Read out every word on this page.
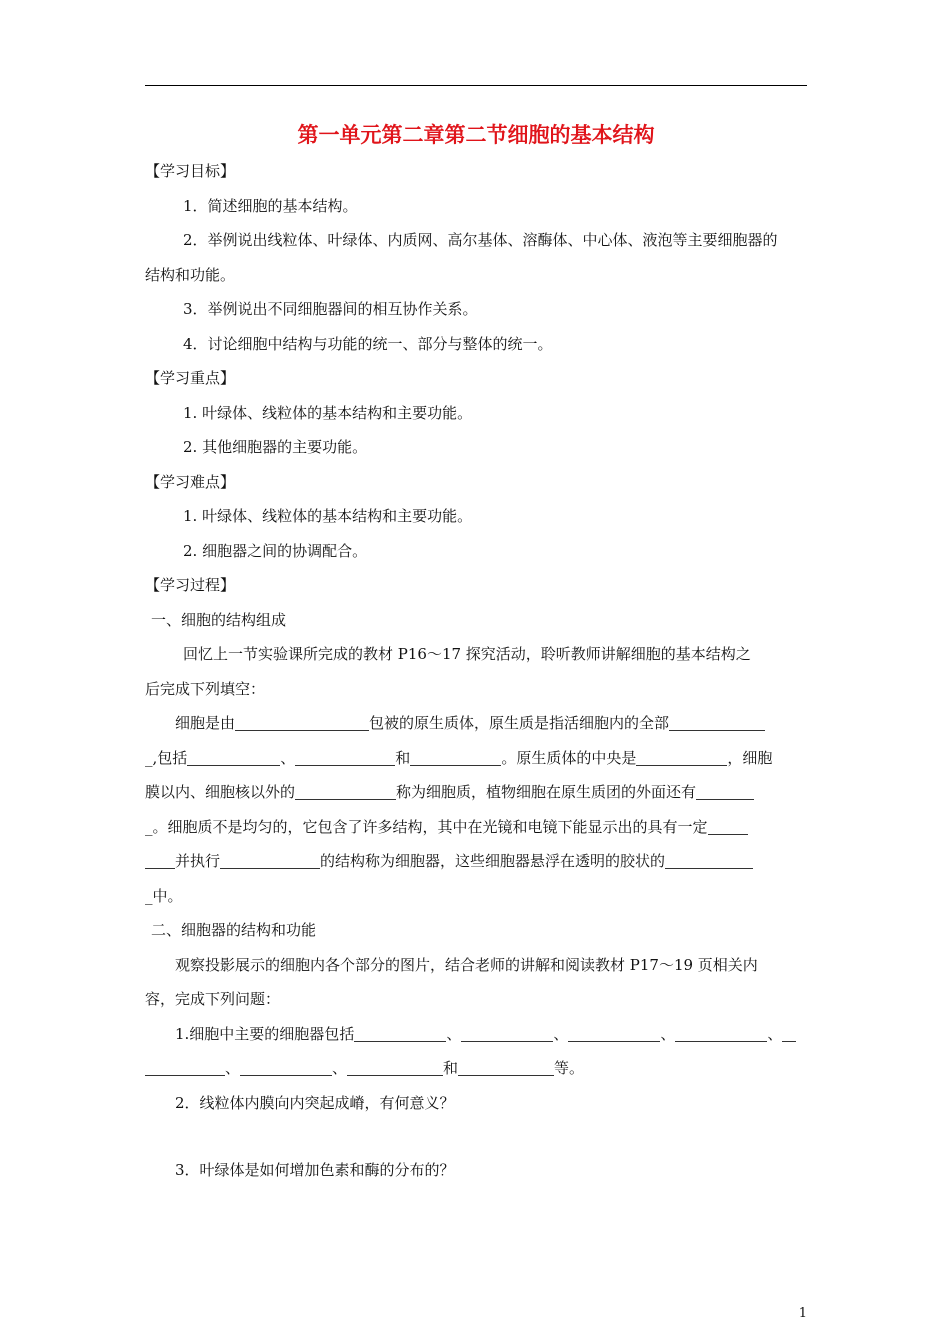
第一单元第二章第二节细胞的基本结构

【学习目标】

1．简述细胞的基本结构。

2．举例说出线粒体、叶绿体、内质网、高尔基体、溶酶体、中心体、液泡等主要细胞器的

结构和功能。

3．举例说出不同细胞器间的相互协作关系。

4．讨论细胞中结构与功能的统一、部分与整体的统一。

【学习重点】

1. 叶绿体、线粒体的基本结构和主要功能。

2. 其他细胞器的主要功能。

【学习难点】

1. 叶绿体、线粒体的基本结构和主要功能。

2. 细胞器之间的协调配合。

【学习过程】

一、细胞的结构组成

回忆上一节实验课所完成的教材 P16～17 探究活动，聆听教师讲解细胞的基本结构之

后完成下列填空：

细胞是由	包被的原生质体，原生质是指活细胞内的全部

_,包括	、	和	。原生质体的中央是	，细胞

膜以内、细胞核以外的	称为细胞质，植物细胞在原生质团的外面还有

_。细胞质不是均匀的，它包含了许多结构，其中在光镜和电镜下能显示出的具有一定

并执行	的结构称为细胞器，这些细胞器悬浮在透明的胶状的

_中。

二、细胞器的结构和功能

观察投影展示的细胞内各个部分的图片，结合老师的讲解和阅读教材 P17～19 页相关内

容，完成下列问题：

1.细胞中主要的细胞器包括	、	、	、	、

、	、	和	等。

2．线粒体内膜向内突起成嵴，有何意义？

3．叶绿体是如何增加色素和酶的分布的？

1
